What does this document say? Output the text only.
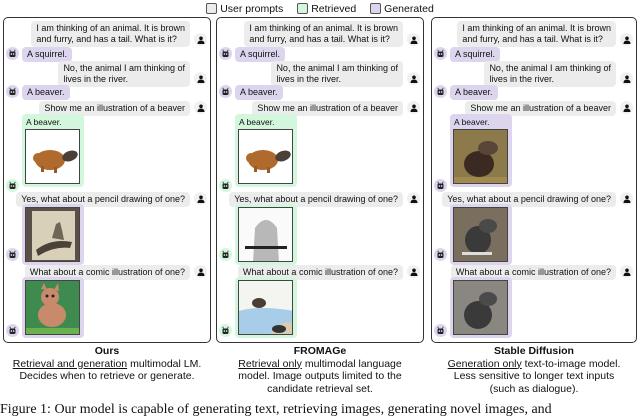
User prompts	Retrieved	Generated
I am thinking of an animal. It is brown
and furry, and has a tail. What is it?
A squirrel.
No, the animal I am thinking of
lives in the river.
A beaver.
Show me an illustration of a beaver
A beaver.
Yes, what about a pencil drawing of one?
What about a comic illustration of one?
I am thinking of an animal. It is brown
and furry, and has a tail. What is it?
A squirrel.
No, the animal I am thinking of
lives in the river.
A beaver.
Show me an illustration of a beaver
A beaver.
Yes, what about a pencil drawing of one?
What about a comic illustration of one?
I am thinking of an animal. It is brown
and furry, and has a tail. What is it?
A squirrel.
No, the animal I am thinking of
lives in the river.
A beaver.
Show me an illustration of a beaver
A beaver.
Yes, what about a pencil drawing of one?
What about a comic illustration of one?
Ours
Retrieval and generation multimodal LM.
Decides when to retrieve or generate.
FROMAGe
Retrieval only multimodal language
model. Image outputs limited to the
candidate retrieval set.
Stable Diffusion
Generation only text-to-image model.
Less sensitive to longer text inputs
(such as dialogue).
Figure 1: Our model is capable of generating text, retrieving images, generating novel images, and
